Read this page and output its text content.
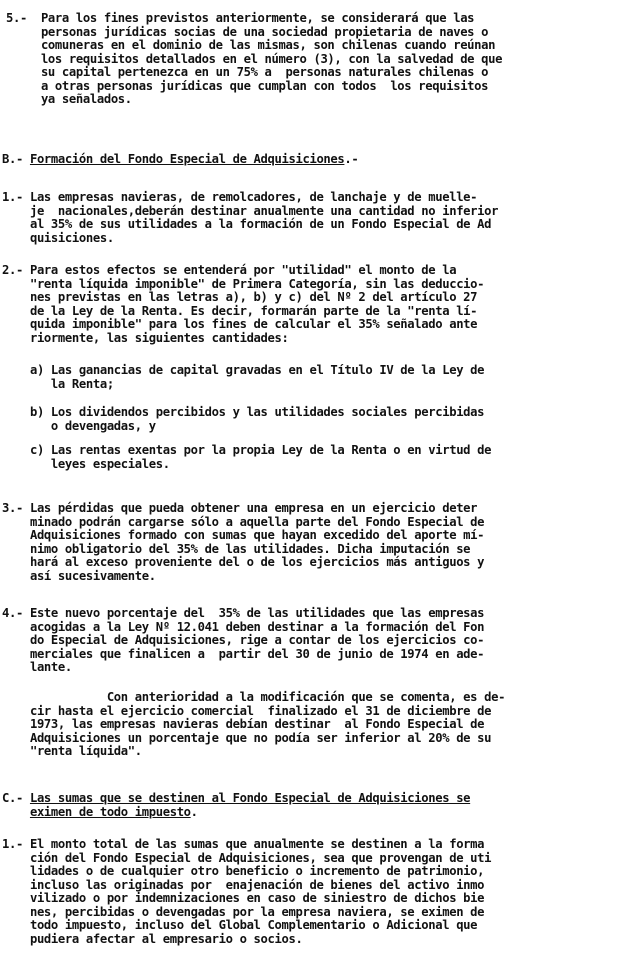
5.-  Para los fines previstos anteriormente, se considerará que las
personas jurídicas socias de una sociedad propietaria de naves o
comuneras en el dominio de las mismas, son chilenas cuando reúnan
los requisitos detallados en el número (3), con la salvedad de que
su capital pertenezca en un 75% a  personas naturales chilenas o
a otras personas jurídicas que cumplan con todos  los requisitos
ya señalados.
B.- Formación del Fondo Especial de Adquisiciones.-
1.- Las empresas navieras, de remolcadores, de lanchaje y de muelle-
je  nacionales,deberán destinar anualmente una cantidad no inferior
al 35% de sus utilidades a la formación de un Fondo Especial de Ad
quisiciones.
2.- Para estos efectos se entenderá por "utilidad" el monto de la
"renta líquida imponible" de Primera Categoría, sin las deduccio-
nes previstas en las letras a), b) y c) del Nº 2 del artículo 27
de la Ley de la Renta. Es decir, formarán parte de la "renta lí-
quida imponible" para los fines de calcular el 35% señalado ante
riormente, las siguientes cantidades:
a) Las ganancias de capital gravadas en el Título IV de la Ley de
la Renta;
b) Los dividendos percibidos y las utilidades sociales percibidas
o devengadas, y
c) Las rentas exentas por la propia Ley de la Renta o en virtud de
leyes especiales.
3.- Las pérdidas que pueda obtener una empresa en un ejercicio deter
minado podrán cargarse sólo a aquella parte del Fondo Especial de
Adquisiciones formado con sumas que hayan excedido del aporte mí-
nimo obligatorio del 35% de las utilidades. Dicha imputación se
hará al exceso proveniente del o de los ejercicios más antiguos y
así sucesivamente.
4.- Este nuevo porcentaje del  35% de las utilidades que las empresas
acogidas a la Ley Nº 12.041 deben destinar a la formación del Fon
do Especial de Adquisiciones, rige a contar de los ejercicios co-
merciales que finalicen a  partir del 30 de junio de 1974 en ade-
lante.
Con anterioridad a la modificación que se comenta, es de-
cir hasta el ejercicio comercial  finalizado el 31 de diciembre de
1973, las empresas navieras debían destinar  al Fondo Especial de
Adquisiciones un porcentaje que no podía ser inferior al 20% de su
"renta líquida".
C.- Las sumas que se destinen al Fondo Especial de Adquisiciones se
eximen de todo impuesto.
1.- El monto total de las sumas que anualmente se destinen a la forma
ción del Fondo Especial de Adquisiciones, sea que provengan de uti
lidades o de cualquier otro beneficio o incremento de patrimonio,
incluso las originadas por  enajenación de bienes del activo inmo
vilizado o por indemnizaciones en caso de siniestro de dichos bie
nes, percibidas o devengadas por la empresa naviera, se eximen de
todo impuesto, incluso del Global Complementario o Adicional que
pudiera afectar al empresario o socios.
